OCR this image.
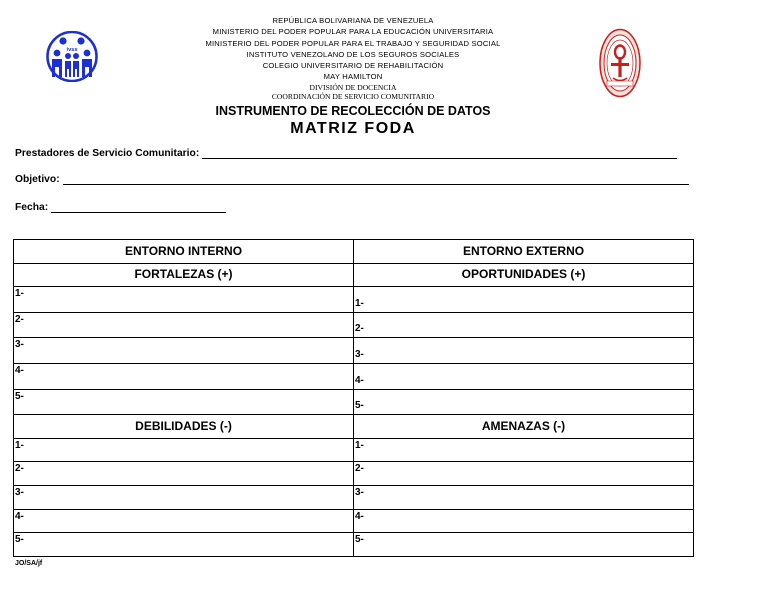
REPÚBLICA BOLIVARIANA DE VENEZUELA
MINISTERIO DEL PODER POPULAR PARA LA EDUCACIÓN UNIVERSITARIA
MINISTERIO DEL PODER POPULAR PARA EL TRABAJO Y SEGURIDAD SOCIAL
INSTITUTO VENEZOLANO DE LOS SEGUROS SOCIALES
COLEGIO UNIVERSITARIO DE REHABILITACIÓN
MAY HAMILTON
DIVISIÓN DE DOCENCIA
COORDINACIÓN DE SERVICIO COMUNITARIO
INSTRUMENTO DE RECOLECCIÓN DE DATOS
MATRIZ FODA
ivss
Prestadores de Servicio Comunitario:
Objetivo:
Fecha:
ENTORNO INTERNO	ENTORNO EXTERNO
FORTALEZAS (+)	OPORTUNIDADES (+)
1-	1-
2-	2-
3-	3-
4-	4-
5-	5-
DEBILIDADES (-)	AMENAZAS (-)
1-	1-
2-	2-
3-	3-
4-	4-
5-	5-
JO/SA/jf
